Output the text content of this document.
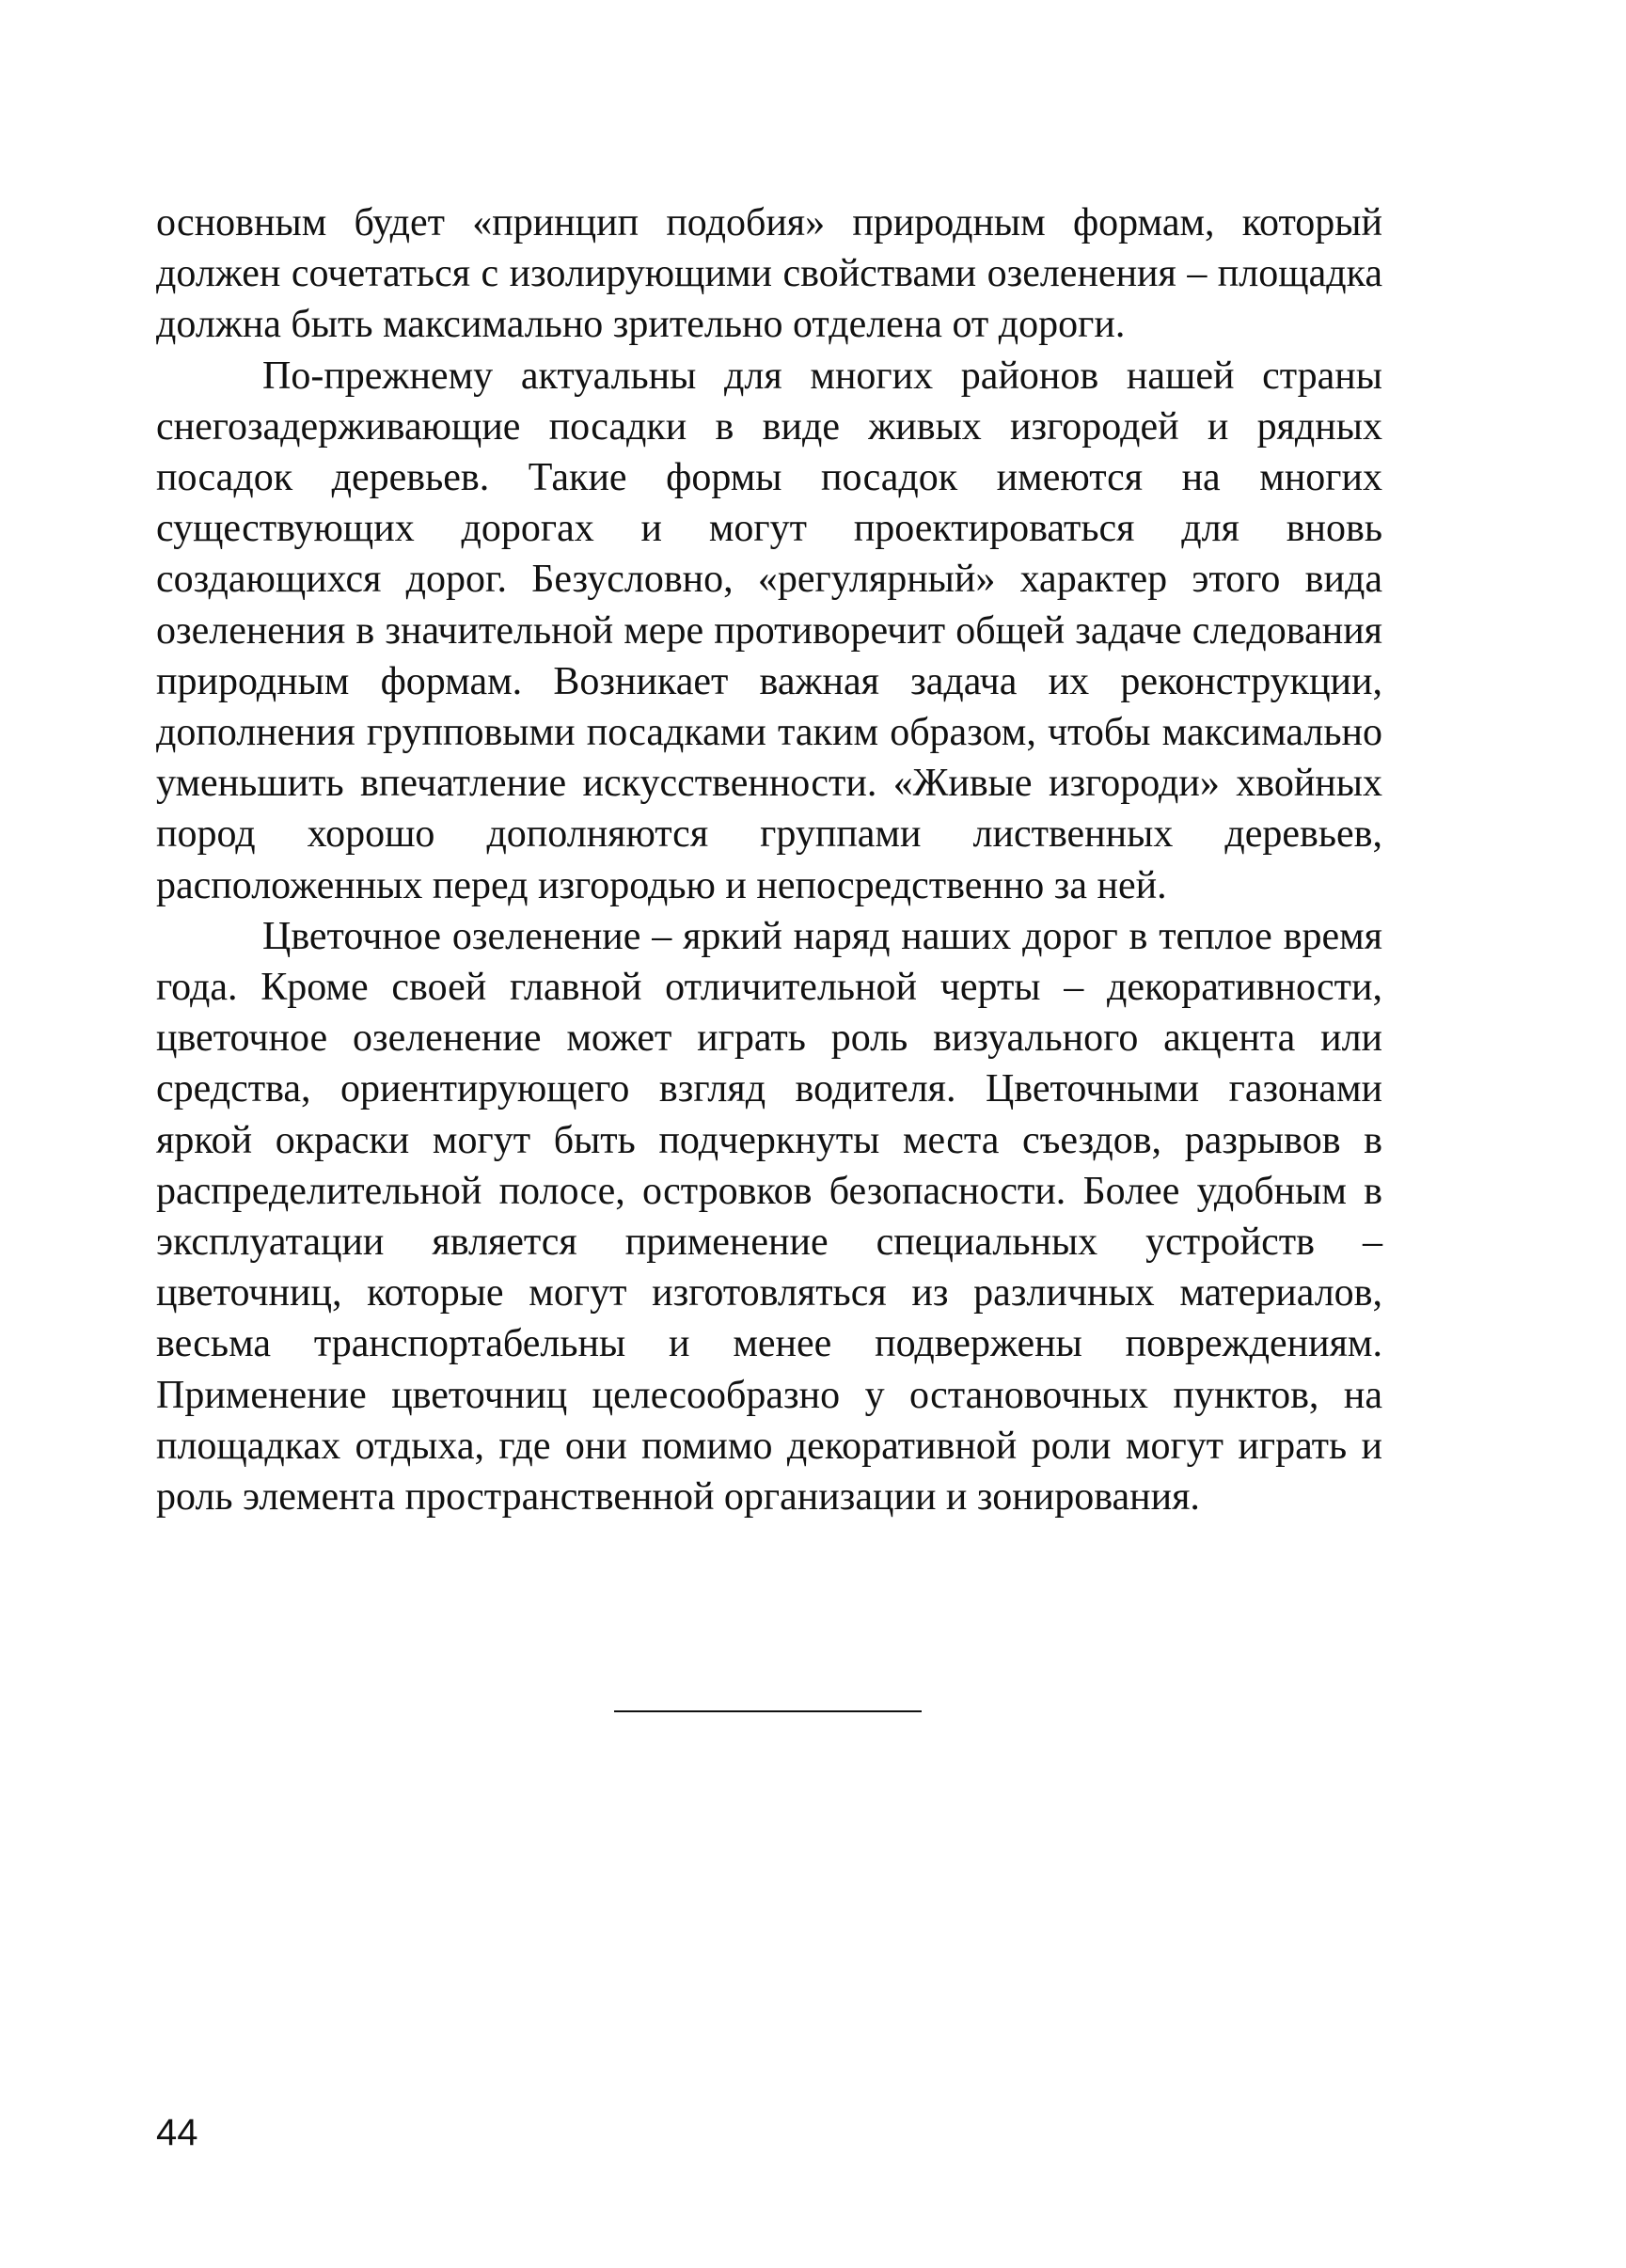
основным будет «принцип подобия» природным формам, который должен сочетаться с изолирующими свойствами озеленения – площадка должна быть максимально зрительно отделена от дороги.

По-прежнему актуальны для многих районов нашей страны снегозадерживающие посадки в виде живых изгородей и рядных посадок деревьев. Такие формы посадок имеются на многих существующих дорогах и могут проектироваться для вновь создающихся дорог. Безусловно, «регулярный» характер этого вида озеленения в значительной мере противоречит общей задаче следования природным формам. Возникает важная задача их реконструкции, дополнения групповыми посадками таким образом, чтобы максимально уменьшить впечатление искусственности. «Живые изгороди» хвойных пород хорошо дополняются группами лиственных деревьев, расположенных перед изгородью и непосредственно за ней.

Цветочное озеленение – яркий наряд наших дорог в теплое время года. Кроме своей главной отличительной черты – декоративности, цветочное озеленение может играть роль визуального акцента или средства, ориентирующего взгляд водителя. Цветочными газонами яркой окраски могут быть подчеркнуты места съездов, разрывов в распределительной полосе, островков безопасности. Более удобным в эксплуатации является применение специальных устройств – цветочниц, которые могут изготовляться из различных материалов, весьма транспортабельны и менее подвержены повреждениям. Применение цветочниц целесообразно у остановочных пунктов, на площадках отдыха, где они помимо декоративной роли могут играть и роль элемента пространственной организации и зонирования.

44
